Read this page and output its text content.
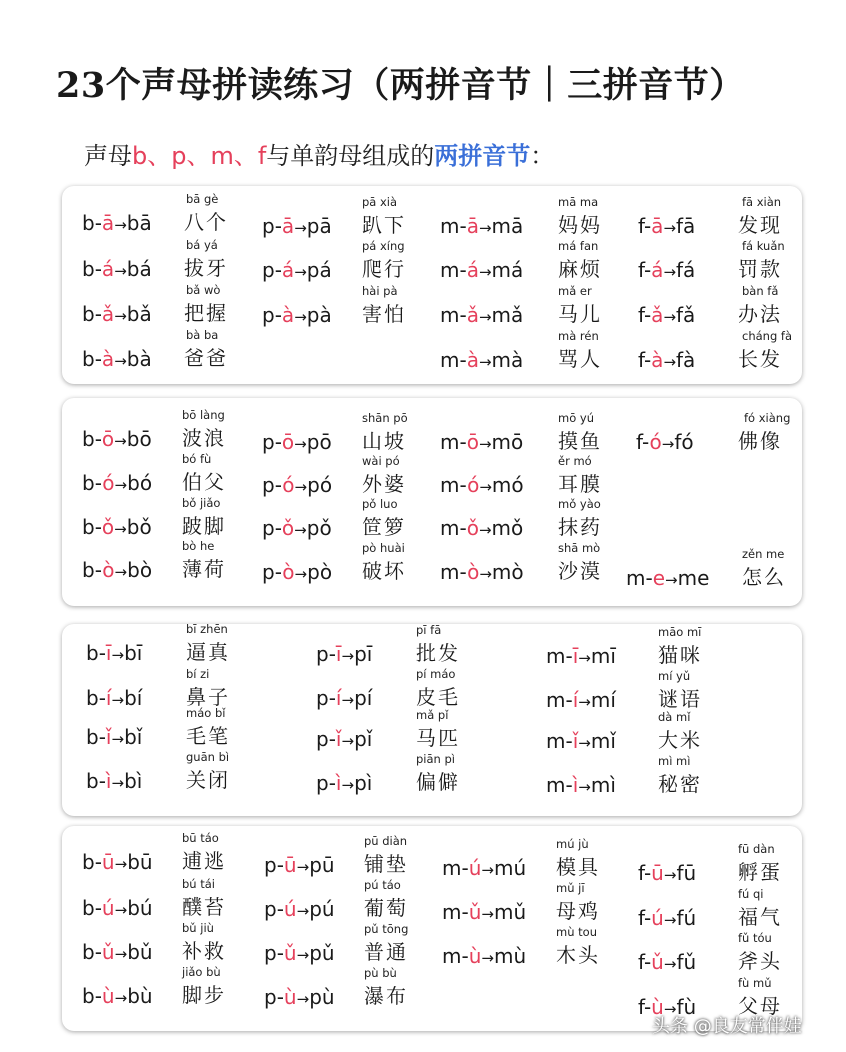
23个声母拼读练习（两拼音节｜三拼音节）
声母b、p、m、f与单韵母组成的两拼音节：
b-ā→bā
bā gè
八个
b-á→bá
bá yá
拔牙
b-ǎ→bǎ
bǎ wò
把握
b-à→bà
bà ba
爸爸
p-ā→pā
pā xià
趴下
p-á→pá
pá xíng
爬行
p-à→pà
hài pà
害怕
m-ā→mā
mā ma
妈妈
m-á→má
má fan
麻烦
m-ǎ→mǎ
mǎ er
马儿
m-à→mà
mà rén
骂人
f-ā→fā
fā xiàn
发现
f-á→fá
fá kuǎn
罚款
f-ǎ→fǎ
bàn fǎ
办法
f-à→fà
cháng fà
长发
b-ō→bō
bō làng
波浪
b-ó→bó
bó fù
伯父
b-ǒ→bǒ
bǒ jiǎo
跛脚
b-ò→bò
bò he
薄荷
p-ō→pō
shān pō
山坡
p-ó→pó
wài pó
外婆
p-ǒ→pǒ
pǒ luo
笸箩
p-ò→pò
pò huài
破坏
m-ō→mō
mō yú
摸鱼
m-ó→mó
ěr mó
耳膜
m-ǒ→mǒ
mǒ yào
抹药
m-ò→mò
shā mò
沙漠
f-ó→fó
fó xiàng
佛像
m-e→me
zěn me
怎么
b-ī→bī
bī zhēn
逼真
b-í→bí
bí zi
鼻子
b-ǐ→bǐ
máo bǐ
毛笔
b-ì→bì
guān bì
关闭
p-ī→pī
pī fā
批发
p-í→pí
pí máo
皮毛
p-ǐ→pǐ
mǎ pǐ
马匹
p-ì→pì
piān pì
偏僻
m-ī→mī
māo mī
猫咪
m-í→mí
mí yǔ
谜语
m-ǐ→mǐ
dà mǐ
大米
m-ì→mì
mì mì
秘密
b-ū→bū
bū táo
逋逃
b-ú→bú
bú tái
醭苔
b-ǔ→bǔ
bǔ jiù
补救
b-ù→bù
jiǎo bù
脚步
p-ū→pū
pū diàn
铺垫
p-ú→pú
pú táo
葡萄
p-ǔ→pǔ
pǔ tōng
普通
p-ù→pù
pù bù
瀑布
m-ú→mú
mú jù
模具
m-ǔ→mǔ
mǔ jī
母鸡
m-ù→mù
mù tou
木头
f-ū→fū
fū dàn
孵蛋
f-ú→fú
fú qi
福气
f-ǔ→fǔ
fǔ tóu
斧头
f-ù→fù
fù mǔ
父母
头条 @良友常伴娃
